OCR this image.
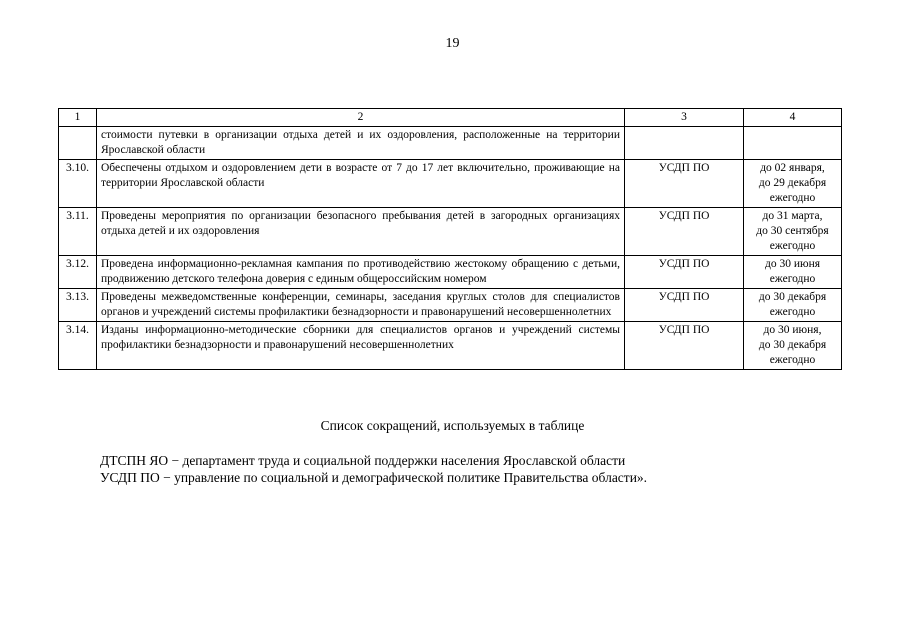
19
1	2	3	4
	стоимости путевки в организации отдыха детей и их оздоровления, расположенные на территории Ярославской области		
3.10.	Обеспечены отдыхом и оздоровлением дети в возрасте от 7 до 17 лет включительно, проживающие на территории Ярославской области	УСДП ПО	до 02 января,
до 29 декабря
ежегодно

3.11.	Проведены мероприятия по организации безопасного пребывания детей в загородных организациях отдыха детей и их оздоровления	УСДП ПО	до 31 марта,
до 30 сентября
ежегодно

3.12.	Проведена информационно-рекламная кампания по противодействию жестокому обращению с детьми, продвижению детского телефона доверия с единым общероссийским номером	УСДП ПО	до 30 июня
ежегодно

3.13.	Проведены межведомственные конференции, семинары, заседания круглых столов для специалистов органов и учреждений системы профилактики безнадзорности и правонарушений несовершеннолетних	УСДП ПО	до 30 декабря
ежегодно

3.14.	Изданы информационно-методические сборники для специалистов органов и учреждений системы профилактики безнадзорности и правонарушений несовершеннолетних	УСДП ПО	до 30 июня,
до 30 декабря
ежегодно
Список сокращений, используемых в таблице
ДТСПН ЯО − департамент труда и социальной поддержки населения Ярославской области
УСДП ПО − управление по социальной и демографической политике Правительства области».
